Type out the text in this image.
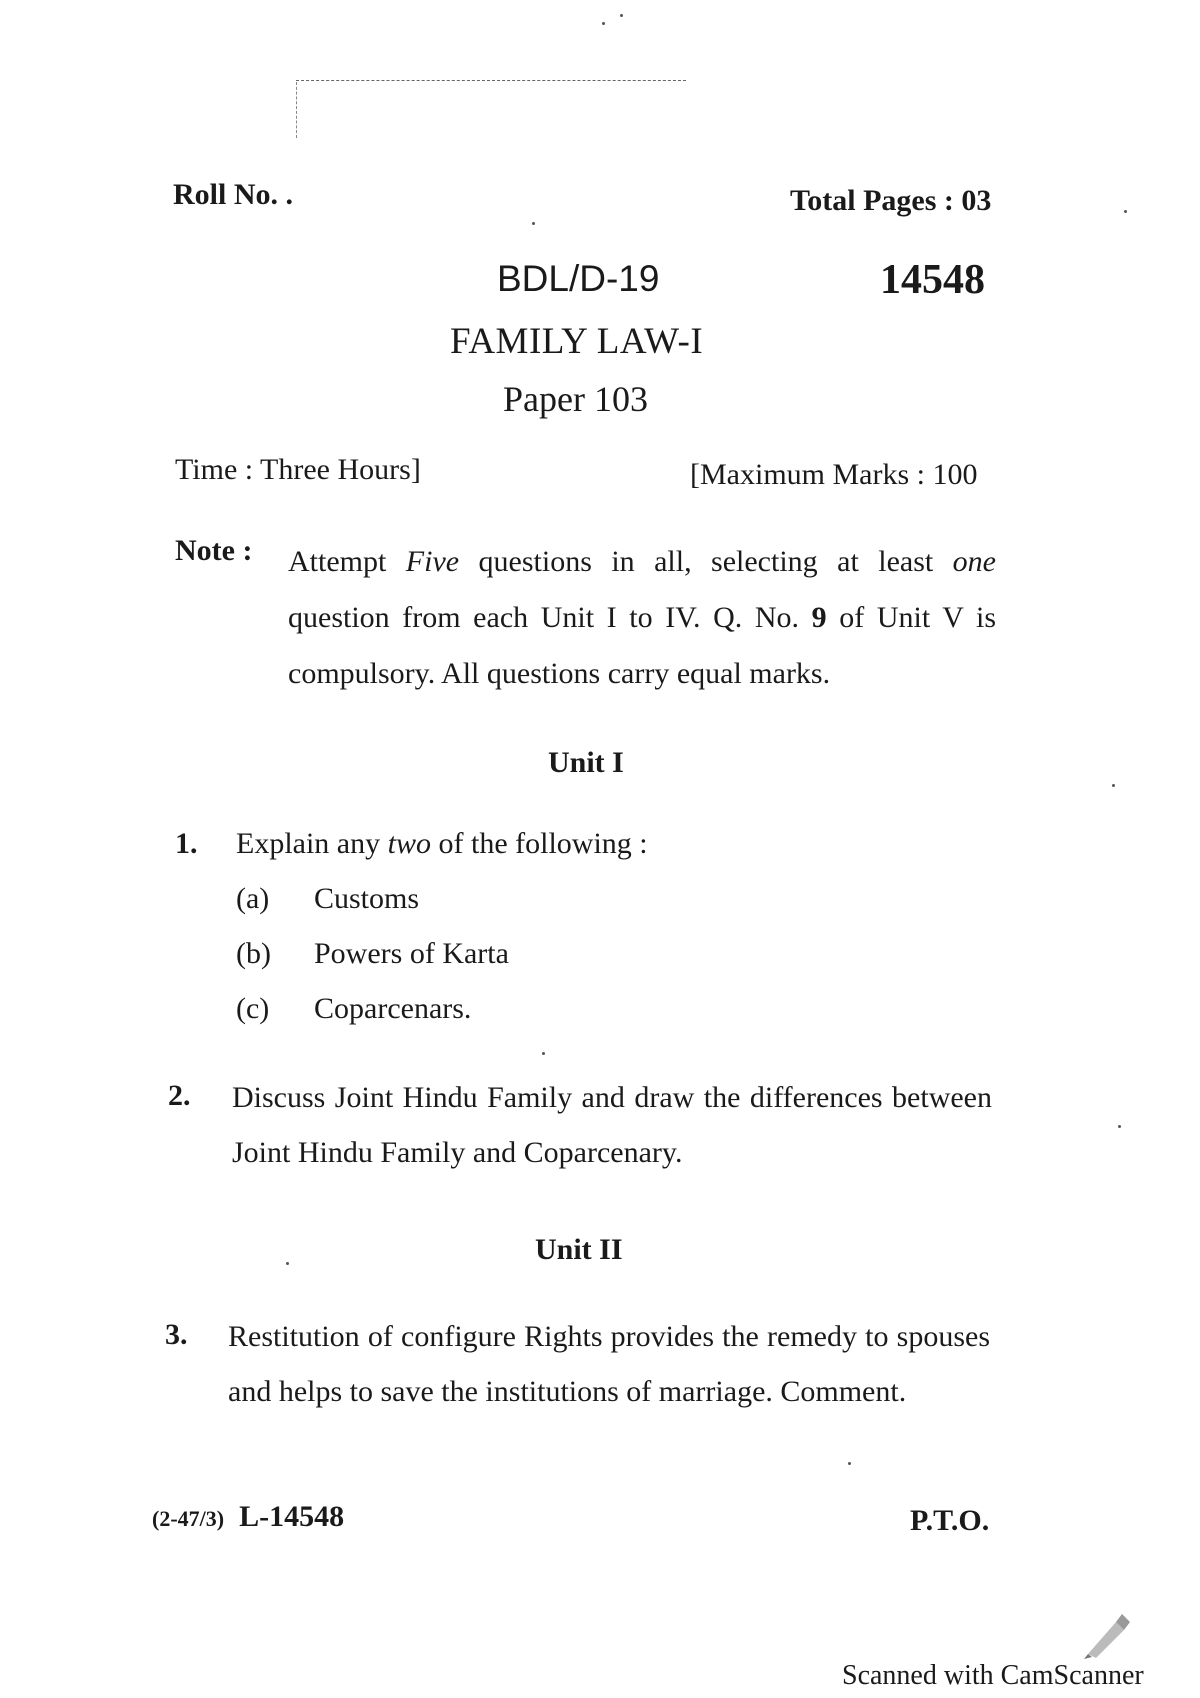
Roll No. .	Total Pages : 03
BDL/D-19	14548
FAMILY LAW-I
Paper 103
Time : Three Hours]	[Maximum Marks : 100
Note : Attempt Five questions in all, selecting at least one question from each Unit I to IV. Q. No. 9 of Unit V is compulsory. All questions carry equal marks.
Unit I
1. Explain any two of the following :
(a) Customs
(b) Powers of Karta
(c) Coparcenars.
2. Discuss Joint Hindu Family and draw the differences between Joint Hindu Family and Coparcenary.
Unit II
3. Restitution of configure Rights provides the remedy to spouses and helps to save the institutions of marriage. Comment.
(2-47/3) L-14548	P.T.O.
Scanned with CamScanner
